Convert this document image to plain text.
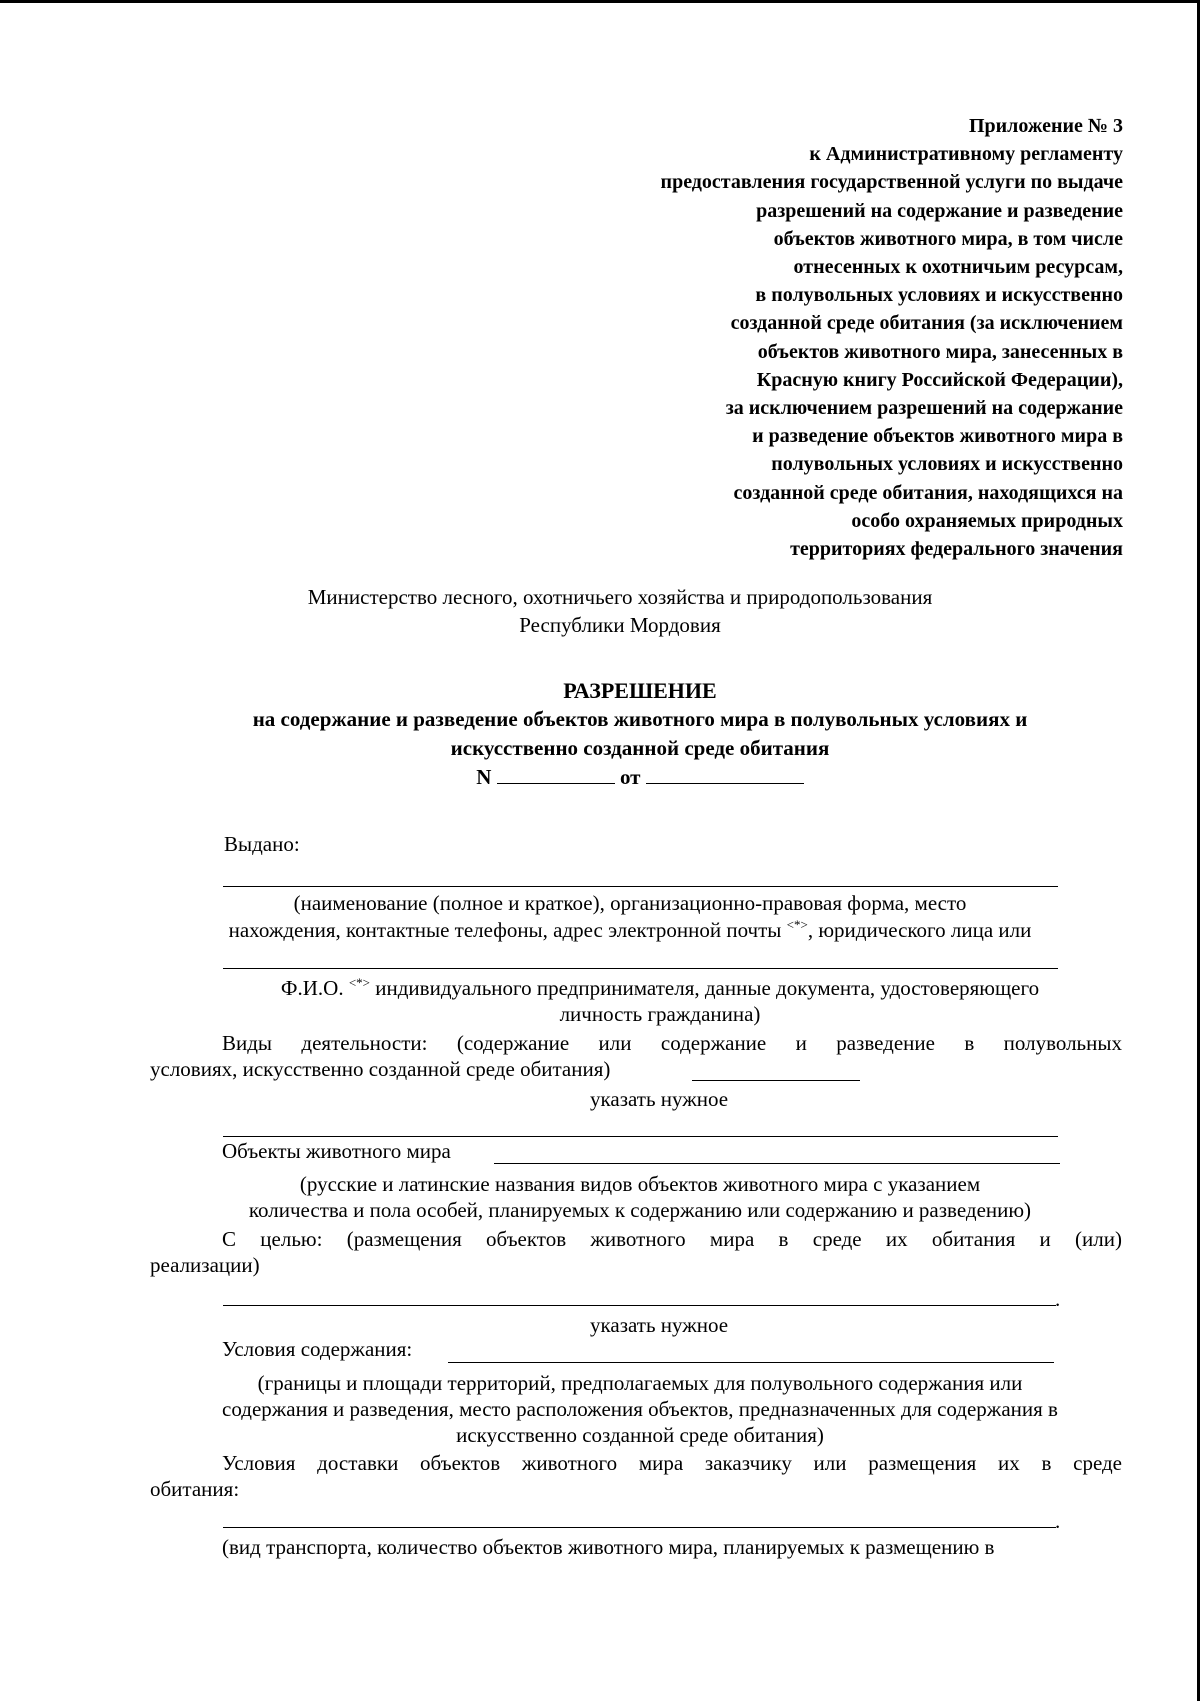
Приложение № 3
к Административному регламенту
предоставления государственной услуги по выдаче
разрешений на содержание и разведение
объектов животного мира, в том числе
отнесенных к охотничьим ресурсам,
в полувольных условиях и искусственно
созданной среде обитания (за исключением
объектов животного мира, занесенных в
Красную книгу Российской Федерации),
за исключением разрешений на содержание
и разведение объектов животного мира в
полувольных условиях и искусственно
созданной среде обитания, находящихся на
особо охраняемых природных
территориях федерального значения
Министерство лесного, охотничьего хозяйства и природопользования
Республики Мордовия
РАЗРЕШЕНИЕ
на содержание и разведение объектов животного мира в полувольных условиях и
искусственно созданной среде обитания
N	от
Выдано:
(наименование (полное и краткое), организационно-правовая форма, место
нахождения, контактные телефоны, адрес электронной почты <*>, юридического лица или
Ф.И.О. <*> индивидуального предпринимателя, данные документа, удостоверяющего
личность гражданина)
Виды деятельности: (содержание или содержание и разведение в полувольных
условиях, искусственно созданной среде обитания)
указать нужное
Объекты животного мира
(русские и латинские названия видов объектов животного мира с указанием
количества и пола особей, планируемых к содержанию или содержанию и разведению)
С целью: (размещения объектов животного мира в среде их обитания и (или)
реализации)
.
указать нужное
Условия содержания:
(границы и площади территорий, предполагаемых для полувольного содержания или
содержания и разведения, место расположения объектов, предназначенных для содержания в
искусственно созданной среде обитания)
Условия доставки объектов животного мира заказчику или размещения их в среде
обитания:
.
(вид транспорта, количество объектов животного мира, планируемых к размещению в
